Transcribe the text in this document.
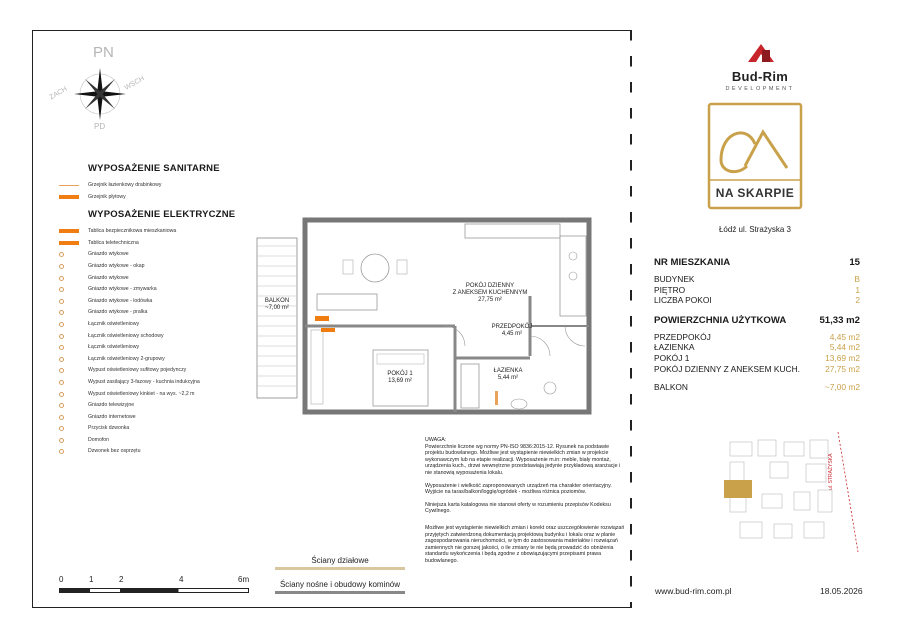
PN
PD
ZACH
WSCH
WYPOSAŻENIE SANITARNE
Grzejnik łazienkowy drabinkowy
Grzejnik płytowy
WYPOSAŻENIE ELEKTRYCZNE
Tablica bezpiecznikowa mieszkaniowa
Tablica teletechniczna
Gniazdo wtykowe
Gniazdo wtykowe - okap
Gniazdo wtykowe
Gniazdo wtykowe - zmywarka
Gniazdo wtykowe - lodówka
Gniazdo wtykowe - pralka
Łącznik oświetleniowy
Łącznik oświetleniowy schodowy
Łącznik oświetleniowy
Łącznik oświetleniowy 2-grupowy
Wypust oświetleniowy sufitowy pojedynczy
Wypust zasilający 3-fazowy - kuchnia indukcyjna
Wypust oświetleniowy kinkiet - na wys. ~2,2 m
Gniazdo telewizyjne
Gniazdo internetowe
Przycisk dzwonka
Domofon
Dzwonek bez osprzętu
BALKON
~7,00 m²

POKÓJ DZIENNY
Z ANEKSEM KUCHENNYM
27,75 m²

PRZEDPOKÓJ
4,45 m²
POKÓJ 1
13,69 m²
ŁAZIENKA
5,44 m²
UWAGA:

Powierzchnie liczone wg normy PN-ISO 9836:2015-12. Rysunek na podstawie projektu budowlanego. Możliwe jest wystąpienie niewielkich zmian w projekcie wykonawczym lub na etapie realizacji. Wyposażenie m.in: meble, biały montaż, urządzenia kuch., drzwi wewnętrzne przedstawiają jedynie przykładową aranżacje i nie stanowią wyposażenia lokalu.

Wyposażenie i wielkość zaproponowanych urządzeń ma charakter orientacyjny. Wyjście na taras/balkon/loggię/ogródek - możliwa różnica poziomów.

Niniejsza karta katalogowa nie stanowi oferty w rozumieniu przepisów Kodeksu Cywilnego.

Możliwe jest wystąpienie niewielkich zmian i korekt oraz uszczegółowienie rozwiązań przyjętych zatwierdzoną dokumentacją projektową budynku i lokalu oraz w planie zagospodarowania nieruchomości, w tym do zastosowania materiałów i rozwiązań zamiennych nie gorszej jakości, o ile zmiany te nie będą prowadzić do obniżenia standardu wykończenia i będą zgodne z obowiązującymi przepisami prawa budowlanego.

Ściany działowe
Ściany nośne i obudowy kominów
0	1	2	4	6m
Bud-Rim
DEVELOPMENT
NA SKARPIE
Łódź ul. Strażyska 3
NR MIESZKANIA	15
BUDYNEK	B
PIĘTRO	1
LICZBA POKOI	2
POWIERZCHNIA UŻYTKOWA	51,33 m2
PRZEDPOKÓJ	4,45 m2
ŁAZIENKA	5,44 m2
POKÓJ 1	13,69 m2
POKÓJ DZIENNY Z ANEKSEM KUCH.	27,75 m2
BALKON	~7,00 m2
ul. STRAŻYSKA
www.bud-rim.com.pl	18.05.2026
